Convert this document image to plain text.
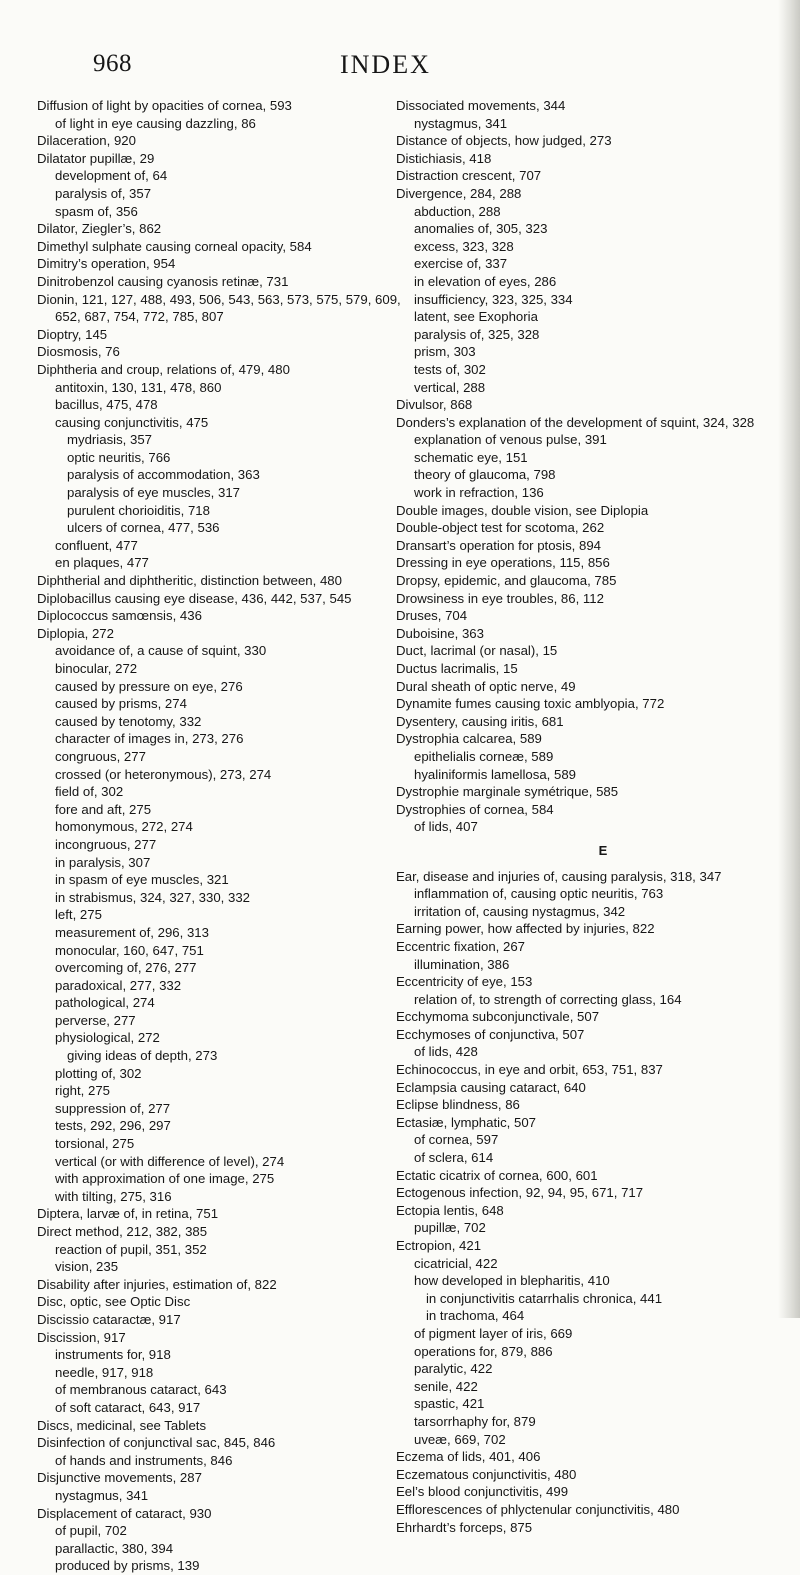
968	INDEX

Diffusion of light by opacities of cornea, 593

of light in eye causing dazzling, 86

Dilaceration, 920

Dilatator pupillæ, 29

development of, 64

paralysis of, 357

spasm of, 356

Dilator, Ziegler’s, 862

Dimethyl sulphate causing corneal opacity, 584

Dimitry’s operation, 954

Dinitrobenzol causing cyanosis retinæ, 731

Dionin, 121, 127, 488, 493, 506, 543, 563, 573, 575, 579, 609, 652, 687, 754, 772, 785, 807

Dioptry, 145

Diosmosis, 76

Diphtheria and croup, relations of, 479, 480

antitoxin, 130, 131, 478, 860

bacillus, 475, 478

causing conjunctivitis, 475

mydriasis, 357

optic neuritis, 766

paralysis of accommodation, 363

paralysis of eye muscles, 317

purulent chorioiditis, 718

ulcers of cornea, 477, 536

confluent, 477

en plaques, 477

Diphtherial and diphtheritic, distinction between, 480

Diplobacillus causing eye disease, 436, 442, 537, 545

Diplococcus samœnsis, 436

Diplopia, 272

avoidance of, a cause of squint, 330

binocular, 272

caused by pressure on eye, 276

caused by prisms, 274

caused by tenotomy, 332

character of images in, 273, 276

congruous, 277

crossed (or heteronymous), 273, 274

field of, 302

fore and aft, 275

homonymous, 272, 274

incongruous, 277

in paralysis, 307

in spasm of eye muscles, 321

in strabismus, 324, 327, 330, 332

left, 275

measurement of, 296, 313

monocular, 160, 647, 751

overcoming of, 276, 277

paradoxical, 277, 332

pathological, 274

perverse, 277

physiological, 272

giving ideas of depth, 273

plotting of, 302

right, 275

suppression of, 277

tests, 292, 296, 297

torsional, 275

vertical (or with difference of level), 274

with approximation of one image, 275

with tilting, 275, 316

Diptera, larvæ of, in retina, 751

Direct method, 212, 382, 385

reaction of pupil, 351, 352

vision, 235

Disability after injuries, estimation of, 822

Disc, optic, see Optic Disc

Discissio cataractæ, 917

Discission, 917

instruments for, 918

needle, 917, 918

of membranous cataract, 643

of soft cataract, 643, 917

Discs, medicinal, see Tablets

Disinfection of conjunctival sac, 845, 846

of hands and instruments, 846

Disjunctive movements, 287

nystagmus, 341

Displacement of cataract, 930

of pupil, 702

parallactic, 380, 394

produced by prisms, 139

Dissociated movements, 344

nystagmus, 341

Distance of objects, how judged, 273

Distichiasis, 418

Distraction crescent, 707

Divergence, 284, 288

abduction, 288

anomalies of, 305, 323

excess, 323, 328

exercise of, 337

in elevation of eyes, 286

insufficiency, 323, 325, 334

latent, see Exophoria

paralysis of, 325, 328

prism, 303

tests of, 302

vertical, 288

Divulsor, 868

Donders’s explanation of the development of squint, 324, 328

explanation of venous pulse, 391

schematic eye, 151

theory of glaucoma, 798

work in refraction, 136

Double images, double vision, see Diplopia

Double-object test for scotoma, 262

Dransart’s operation for ptosis, 894

Dressing in eye operations, 115, 856

Dropsy, epidemic, and glaucoma, 785

Drowsiness in eye troubles, 86, 112

Druses, 704

Duboisine, 363

Duct, lacrimal (or nasal), 15

Ductus lacrimalis, 15

Dural sheath of optic nerve, 49

Dynamite fumes causing toxic amblyopia, 772

Dysentery, causing iritis, 681

Dystrophia calcarea, 589

epithelialis corneæ, 589

hyaliniformis lamellosa, 589

Dystrophie marginale symétrique, 585

Dystrophies of cornea, 584

of lids, 407

E

Ear, disease and injuries of, causing paralysis, 318, 347

inflammation of, causing optic neuritis, 763

irritation of, causing nystagmus, 342

Earning power, how affected by injuries, 822

Eccentric fixation, 267

illumination, 386

Eccentricity of eye, 153

relation of, to strength of correcting glass, 164

Ecchymoma subconjunctivale, 507

Ecchymoses of conjunctiva, 507

of lids, 428

Echinococcus, in eye and orbit, 653, 751, 837

Eclampsia causing cataract, 640

Eclipse blindness, 86

Ectasiæ, lymphatic, 507

of cornea, 597

of sclera, 614

Ectatic cicatrix of cornea, 600, 601

Ectogenous infection, 92, 94, 95, 671, 717

Ectopia lentis, 648

pupillæ, 702

Ectropion, 421

cicatricial, 422

how developed in blepharitis, 410

in conjunctivitis catarrhalis chronica, 441

in trachoma, 464

of pigment layer of iris, 669

operations for, 879, 886

paralytic, 422

senile, 422

spastic, 421

tarsorrhaphy for, 879

uveæ, 669, 702

Eczema of lids, 401, 406

Eczematous conjunctivitis, 480

Eel’s blood conjunctivitis, 499

Efflorescences of phlyctenular conjunctivitis, 480

Ehrhardt’s forceps, 875
